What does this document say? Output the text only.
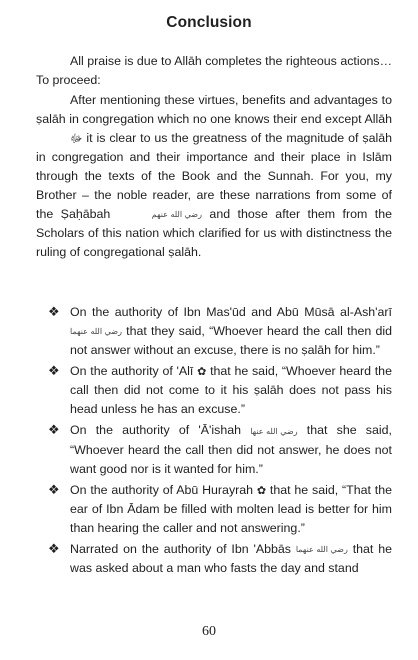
Conclusion

All praise is due to Allāh completes the righteous actions…To proceed:

After mentioning these virtues, benefits and advantages to ṣalāh in congregation which no one knows their end except Allāh ﷻ it is clear to us the greatness of the magnitude of ṣalāh in congregation and their importance and their place in Islām through the texts of the Book and the Sunnah. For you, my Brother – the noble reader, are these narrations from some of the Ṣaḥābah	رضي الله عنهم and those after them from the Scholars of this nation which clarified for us with distinctness the ruling of congregational ṣalāh.

❖ On the authority of Ibn Mas'ūd and Abū Mūsā al-Ash'arī رضي الله عنهما that they said, “Whoever heard the call then did not answer without an excuse, there is no ṣalāh for him.”
❖ On the authority of 'Alī ✿ that he said, “Whoever heard the call then did not come to it his ṣalāh does not pass his head unless he has an excuse.”
❖ On the authority of 'Ā'ishah رضي الله عنها that she said, “Whoever heard the call then did not answer, he does not want good nor is it wanted for him.”
❖ On the authority of Abū Hurayrah ✿ that he said, “That the ear of Ibn Ādam be filled with molten lead is better for him than hearing the caller and not answering.”
❖ Narrated on the authority of Ibn 'Abbās رضي الله عنهما that he was asked about a man who fasts the day and stand
60
